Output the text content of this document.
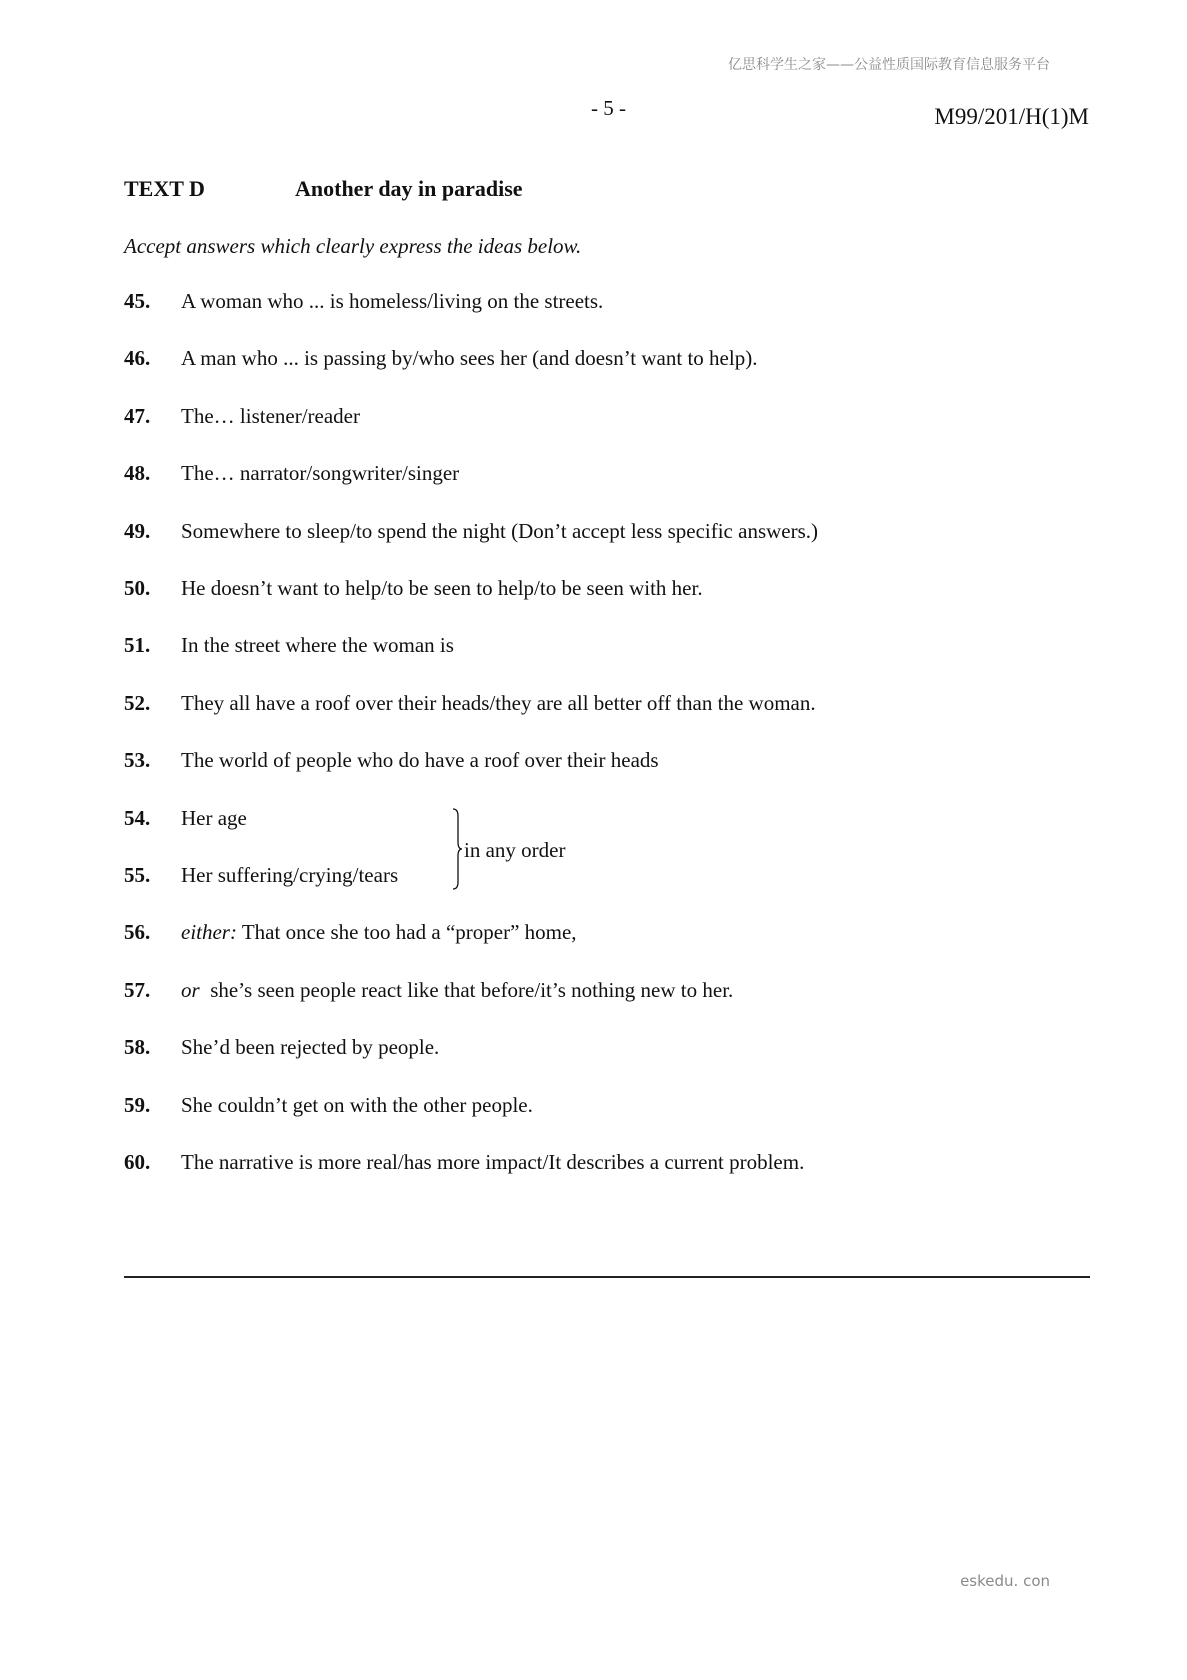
亿思科学生之家——公益性质国际教育信息服务平台
- 5 -	M99/201/H(1)M
TEXT D	Another day in paradise
Accept answers which clearly express the ideas below.
45. A woman who ... is homeless/living on the streets.
46. A man who ... is passing by/who sees her (and doesn’t want to help).
47. The… listener/reader
48. The… narrator/songwriter/singer
49. Somewhere to sleep/to spend the night (Don’t accept less specific answers.)
50. He doesn’t want to help/to be seen to help/to be seen with her.
51. In the street where the woman is
52. They all have a roof over their heads/they are all better off than the woman.
53. The world of people who do have a roof over their heads
54. Her age
55. Her suffering/crying/tears
in any order
56. either: That once she too had a “proper” home,
57. or  she’s seen people react like that before/it’s nothing new to her.
58. She’d been rejected by people.
59. She couldn’t get on with the other people.
60. The narrative is more real/has more impact/It describes a current problem.
eskedu. con
